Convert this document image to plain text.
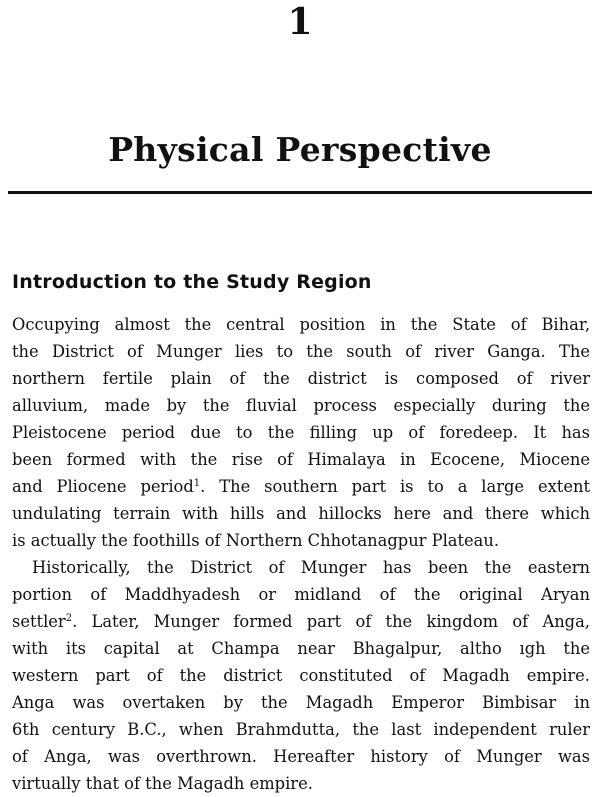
1
Physical Perspective
Introduction to the Study Region
Occupying almost the central position in the State of Bihar,
the District of Munger lies to the south of river Ganga. The
northern fertile plain of the district is composed of river
alluvium, made by the fluvial process especially during the
Pleistocene period due to the filling up of foredeep. It has
been formed with the rise of Himalaya in Ecocene, Miocene
and Pliocene period$^1$. The southern part is to a large extent
undulating terrain with hills and hillocks here and there which
is actually the foothills of Northern Chhotanagpur Plateau.
Historically, the District of Munger has been the eastern
portion of Maddhyadesh or midland of the original Aryan
settler$^2$. Later, Munger formed part of the kingdom of Anga,
with its capital at Champa near Bhagalpur, altho ıgh the
western part of the district constituted of Magadh empire.
Anga was overtaken by the Magadh Emperor Bimbisar in
6th century B.C., when Brahmdutta, the last independent ruler
of Anga, was overthrown. Hereafter history of Munger was
virtually that of the Magadh empire.
